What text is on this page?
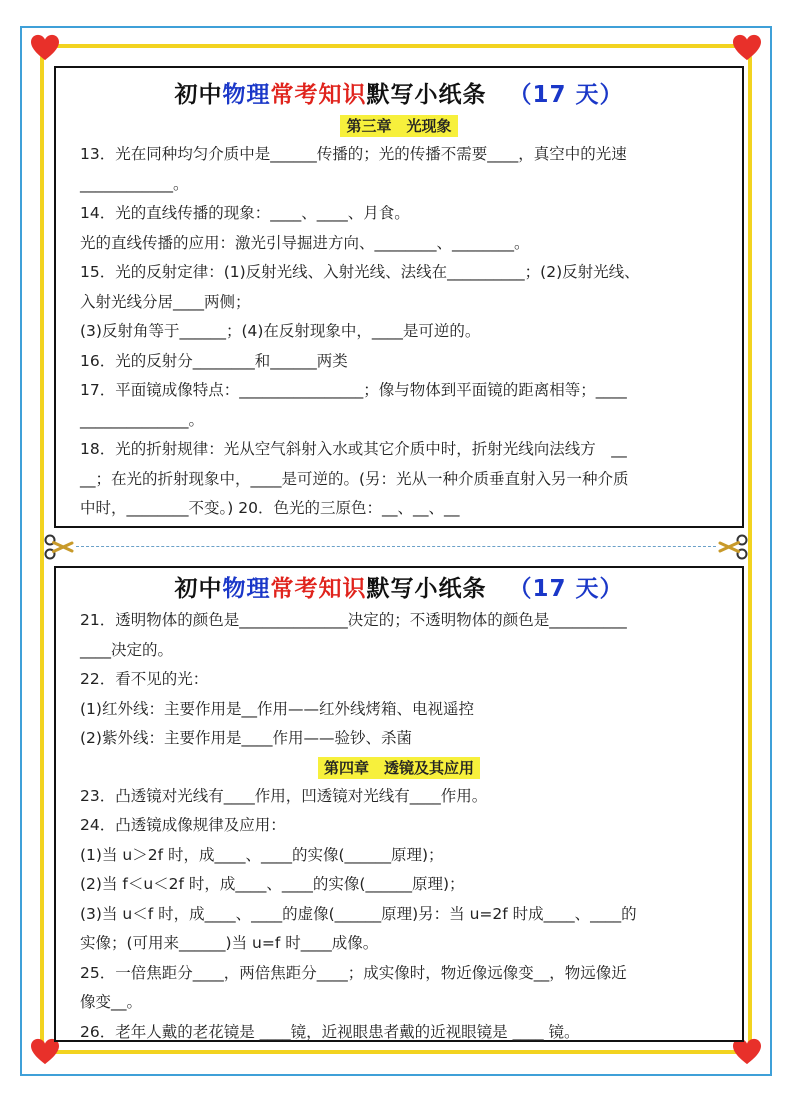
初中物理常考知识默写小纸条 （17 天）
第三章　光现象
13．光在同种均匀介质中是______传播的；光的传播不需要____，真空中的光速
____________。
14．光的直线传播的现象：____、____、月食。
光的直线传播的应用：激光引导掘进方向、________、________。
15．光的反射定律：(1)反射光线、入射光线、法线在__________；(2)反射光线、
入射光线分居____两侧；
(3)反射角等于______；(4)在反射现象中，____是可逆的。
16．光的反射分________和______两类
17．平面镜成像特点：________________；像与物体到平面镜的距离相等；____
______________。
18．光的折射规律：光从空气斜射入水或其它介质中时，折射光线向法线方　__
__；在光的折射现象中，____是可逆的。(另：光从一种介质垂直射入另一种介质
中时，________不变。) 20．色光的三原色：__、__、__
初中物理常考知识默写小纸条 （17 天）
21．透明物体的颜色是______________决定的；不透明物体的颜色是__________
____决定的。
22．看不见的光：
(1)红外线：主要作用是__作用——红外线烤箱、电视遥控
(2)紫外线：主要作用是____作用——验钞、杀菌
第四章　透镜及其应用
23．凸透镜对光线有____作用，凹透镜对光线有____作用。
24．凸透镜成像规律及应用：
(1)当 u＞2f 时，成____、____的实像(______原理)；
(2)当 f＜u＜2f 时，成____、____的实像(______原理)；
(3)当 u＜f 时，成____、____的虚像(______原理)另：当 u=2f 时成____、____的
实像；(可用来______)当 u=f 时____成像。
25．一倍焦距分____，两倍焦距分____；成实像时，物近像远像变__，物远像近
像变__。
26．老年人戴的老花镜是 ____镜，近视眼患者戴的近视眼镜是 ____ 镜。
